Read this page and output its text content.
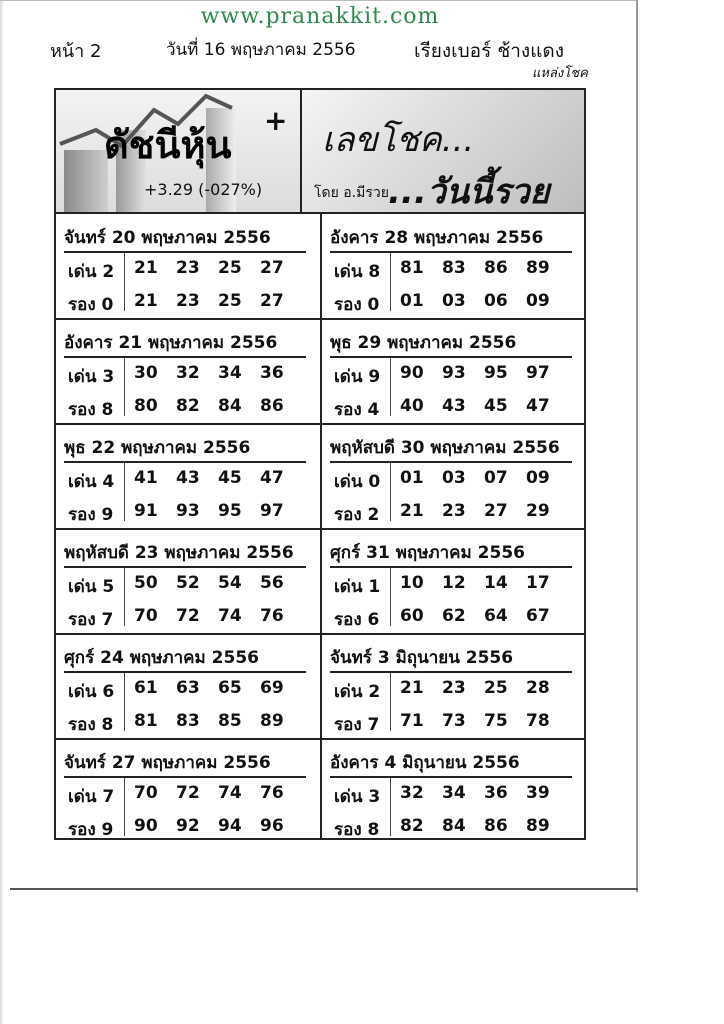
www.pranakkit.com
หน้า 2	วันที่ 16 พฤษภาคม 2556	เรียงเบอร์ ช้างแดง
แหล่งโชค
ดัชนีหุ้น
+
+3.29 (-027%)
เลขโชค...
โดย อ.มีรวย ...วันนี้รวย
จันทร์ 20 พฤษภาคม 2556
เด่น 2 21 23 25 27
รอง 0 21 23 25 27
อังคาร 28 พฤษภาคม 2556
เด่น 8 81 83 86 89
รอง 0 01 03 06 09
อังคาร 21 พฤษภาคม 2556
เด่น 3 30 32 34 36
รอง 8 80 82 84 86
พุธ 29 พฤษภาคม 2556
เด่น 9 90 93 95 97
รอง 4 40 43 45 47
พุธ 22 พฤษภาคม 2556
เด่น 4 41 43 45 47
รอง 9 91 93 95 97
พฤหัสบดี 30 พฤษภาคม 2556
เด่น 0 01 03 07 09
รอง 2 21 23 27 29
พฤหัสบดี 23 พฤษภาคม 2556
เด่น 5 50 52 54 56
รอง 7 70 72 74 76
ศุกร์ 31 พฤษภาคม 2556
เด่น 1 10 12 14 17
รอง 6 60 62 64 67
ศุกร์ 24 พฤษภาคม 2556
เด่น 6 61 63 65 69
รอง 8 81 83 85 89
จันทร์ 3 มิถุนายน 2556
เด่น 2 21 23 25 28
รอง 7 71 73 75 78
จันทร์ 27 พฤษภาคม 2556
เด่น 7 70 72 74 76
รอง 9 90 92 94 96
อังคาร 4 มิถุนายน 2556
เด่น 3 32 34 36 39
รอง 8 82 84 86 89
